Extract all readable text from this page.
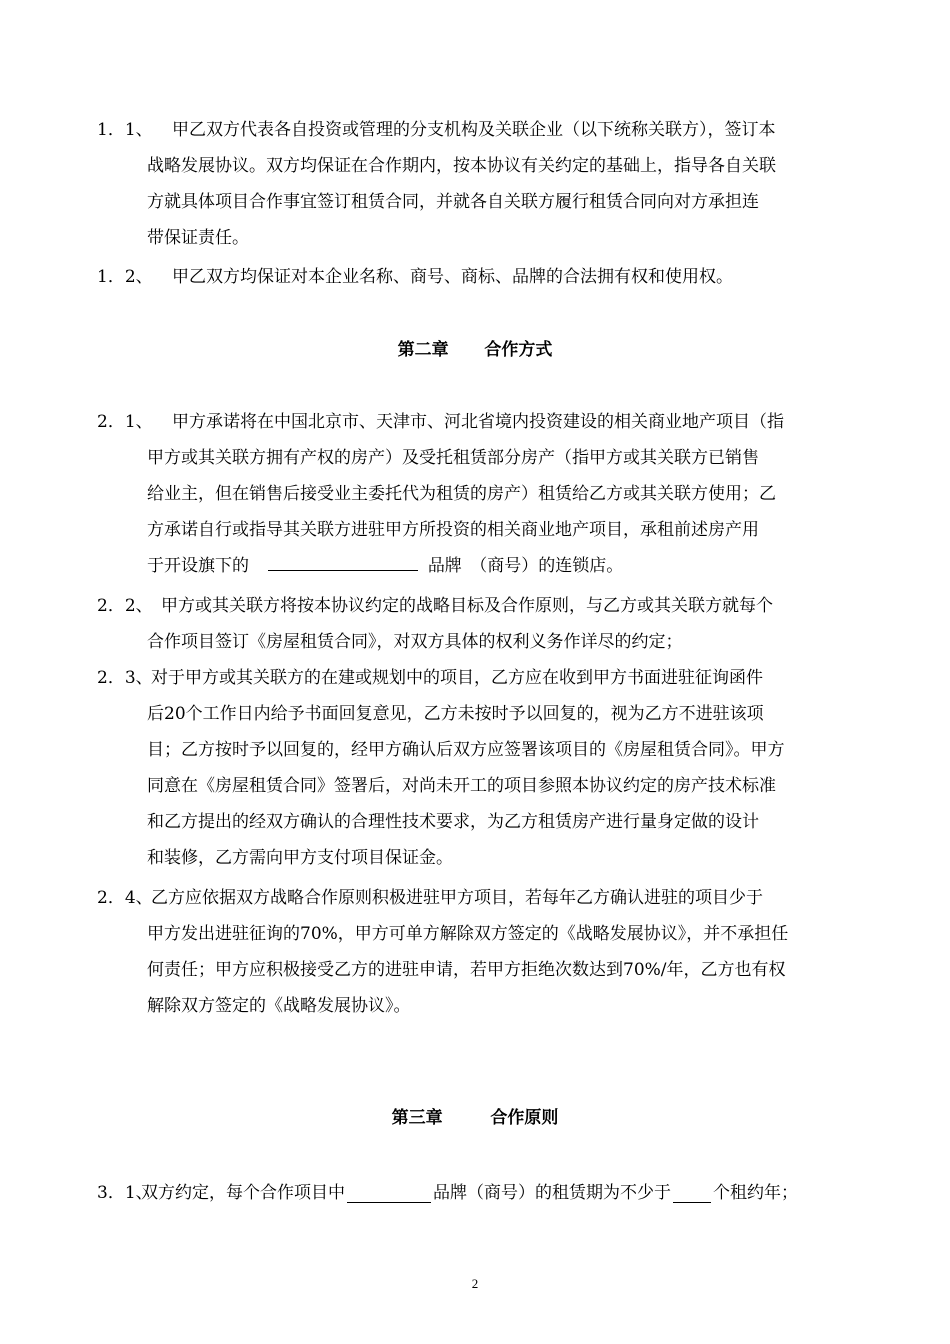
1．1、	甲乙双方代表各自投资或管理的分支机构及关联企业（以下统称关联方），签订本
战略发展协议。双方均保证在合作期内，按本协议有关约定的基础上，指导各自关联
方就具体项目合作事宜签订租赁合同，并就各自关联方履行租赁合同向对方承担连
带保证责任。
1．2、	甲乙双方均保证对本企业名称、商号、商标、品牌的合法拥有权和使用权。
第二章 合作方式
2．1、	甲方承诺将在中国北京市、天津市、河北省境内投资建设的相关商业地产项目（指
甲方或其关联方拥有产权的房产）及受托租赁部分房产（指甲方或其关联方已销售
给业主，但在销售后接受业主委托代为租赁的房产）租赁给乙方或其关联方使用；乙
方承诺自行或指导其关联方进驻甲方所投资的相关商业地产项目，承租前述房产用
于开设旗下的	品牌　（商号）的连锁店。
2．2、 甲方或其关联方将按本协议约定的战略目标及合作原则，与乙方或其关联方就每个
合作项目签订《房屋租赁合同》，对双方具体的权利义务作详尽的约定；
2．3、
对于甲方或其关联方的在建或规划中的项目，乙方应在收到甲方书面进驻征询函件
后20个工作日内给予书面回复意见，乙方未按时予以回复的，视为乙方不进驻该项
目；乙方按时予以回复的，经甲方确认后双方应签署该项目的《房屋租赁合同》。甲方
同意在《房屋租赁合同》签署后，对尚未开工的项目参照本协议约定的房产技术标准
和乙方提出的经双方确认的合理性技术要求，为乙方租赁房产进行量身定做的设计
和装修，乙方需向甲方支付项目保证金。
2．4、
乙方应依据双方战略合作原则积极进驻甲方项目，若每年乙方确认进驻的项目少于
甲方发出进驻征询的70%，甲方可单方解除双方签定的《战略发展协议》，并不承担任
何责任；甲方应积极接受乙方的进驻申请，若甲方拒绝次数达到70%/年，乙方也有权
解除双方签定的《战略发展协议》。
第三章	合作原则
3．1、
双方约定，每个合作项目中	品牌（商号）的租赁期为不少于 个租约年；
2
